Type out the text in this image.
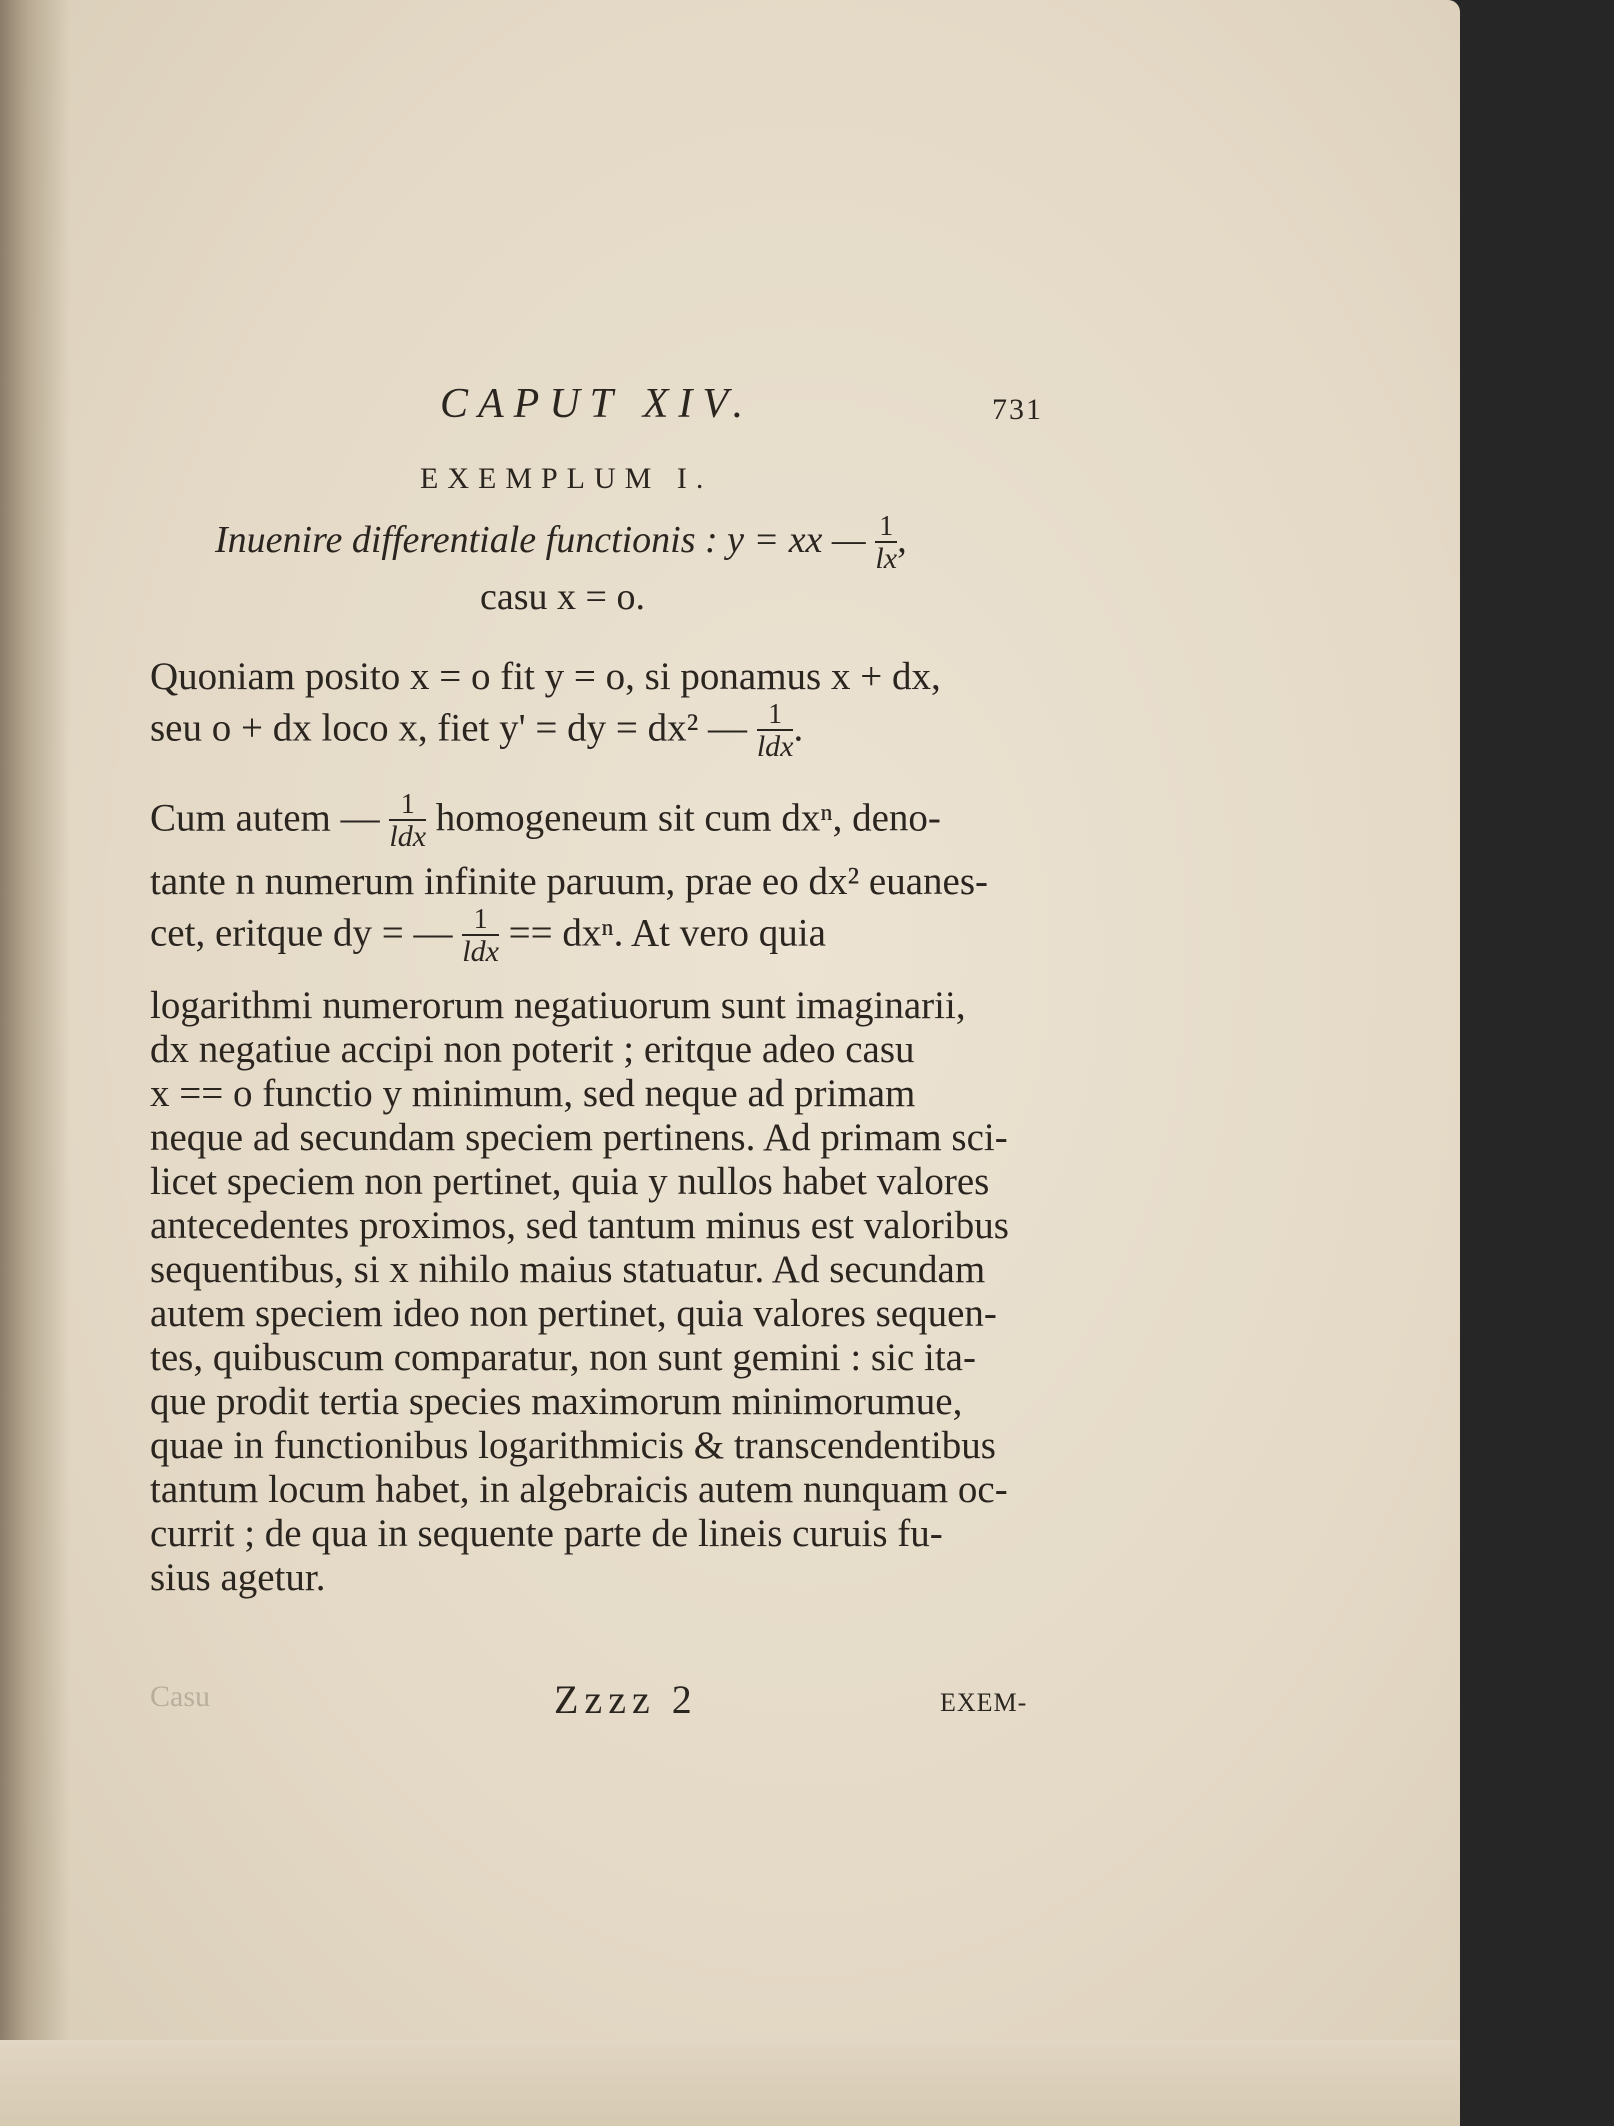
CAPUT XIV.	731
EXEMPLUM I.
Inuenire differentiale functionis : y = xx — $\frac{1}{lx}$ ,
casu x = o.
Quoniam posito x = o fit y = o, si ponamus x + dx,
seu o + dx loco x, fiet y' = dy = dx² — $\frac{1}{\text{ldx}}$ .
Cum autem — $\frac{1}{\text{ldx}}$ homogeneum sit cum dxⁿ, deno-
tante n numerum infinite paruum, prae eo dx² euanes-
cet, eritque dy = — $\frac{1}{\text{ldx}} == dx^n$. At vero quia
logarithmi numerorum negatiuorum sunt imaginarii,
dx negatiue accipi non poterit ; eritque adeo casu
x == o functio y minimum, sed neque ad primam
neque ad secundam speciem pertinens. Ad primam sci-
licet speciem non pertinet, quia y nullos habet valores
antecedentes proximos, sed tantum minus est valoribus
sequentibus, si x nihilo maius statuatur. Ad secundam
autem speciem ideo non pertinet, quia valores sequen-
tes, quibuscum comparatur, non sunt gemini : sic ita-
que prodit tertia species maximorum minimorumue,
quae in functionibus logarithmicis & transcendentibus
tantum locum habet, in algebraicis autem nunquam oc-
currit ; de qua in sequente parte de lineis curuis fu-
sius agetur.
Casu	Zzzz 2	EXEM-
